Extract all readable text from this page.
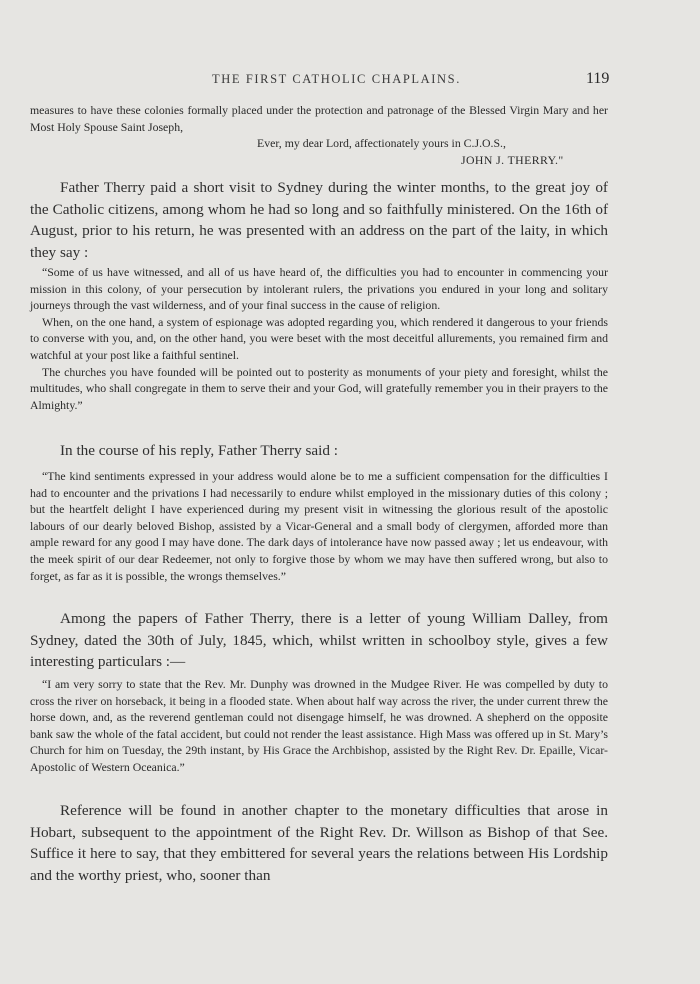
THE FIRST CATHOLIC CHAPLAINS.	119

measures to have these colonies formally placed under the protection and patronage of the Blessed Virgin Mary and her Most Holy Spouse Saint Joseph,

Ever, my dear Lord, affectionately yours in C.J.O.S.,

JOHN J. THERRY."

Father Therry paid a short visit to Sydney during the winter months, to the great joy of the Catholic citizens, among whom he had so long and so faithfully ministered. On the 16th of August, prior to his return, he was presented with an address on the part of the laity, in which they say :

“Some of us have witnessed, and all of us have heard of, the difficulties you had to encounter in commencing your mission in this colony, of your persecution by intolerant rulers, the privations you endured in your long and solitary journeys through the vast wilderness, and of your final success in the cause of religion.

When, on the one hand, a system of espionage was adopted regarding you, which rendered it dangerous to your friends to converse with you, and, on the other hand, you were beset with the most deceitful allurements, you remained firm and watchful at your post like a faithful sentinel.

The churches you have founded will be pointed out to posterity as monuments of your piety and foresight, whilst the multitudes, who shall congregate in them to serve their and your God, will gratefully remember you in their prayers to the Almighty.”

In the course of his reply, Father Therry said :

“The kind sentiments expressed in your address would alone be to me a sufficient compensation for the difficulties I had to encounter and the privations I had necessarily to endure whilst employed in the missionary duties of this colony ; but the heartfelt delight I have experienced during my present visit in witnessing the glorious result of the apostolic labours of our dearly beloved Bishop, assisted by a Vicar-General and a small body of clergymen, afforded more than ample reward for any good I may have done. The dark days of intolerance have now passed away ; let us endeavour, with the meek spirit of our dear Redeemer, not only to forgive those by whom we may have then suffered wrong, but also to forget, as far as it is possible, the wrongs themselves.”

Among the papers of Father Therry, there is a letter of young William Dalley, from Sydney, dated the 30th of July, 1845, which, whilst written in schoolboy style, gives a few interesting particulars :—

“I am very sorry to state that the Rev. Mr. Dunphy was drowned in the Mudgee River. He was compelled by duty to cross the river on horseback, it being in a flooded state. When about half way across the river, the under current threw the horse down, and, as the reverend gentleman could not disengage himself, he was drowned. A shepherd on the opposite bank saw the whole of the fatal accident, but could not render the least assistance. High Mass was offered up in St. Mary’s Church for him on Tuesday, the 29th instant, by His Grace the Archbishop, assisted by the Right Rev. Dr. Epaille, Vicar-Apostolic of Western Oceanica.”

Reference will be found in another chapter to the monetary difficulties that arose in Hobart, subsequent to the appointment of the Right Rev. Dr. Willson as Bishop of that See. Suffice it here to say, that they embittered for several years the relations between His Lordship and the worthy priest, who, sooner than
